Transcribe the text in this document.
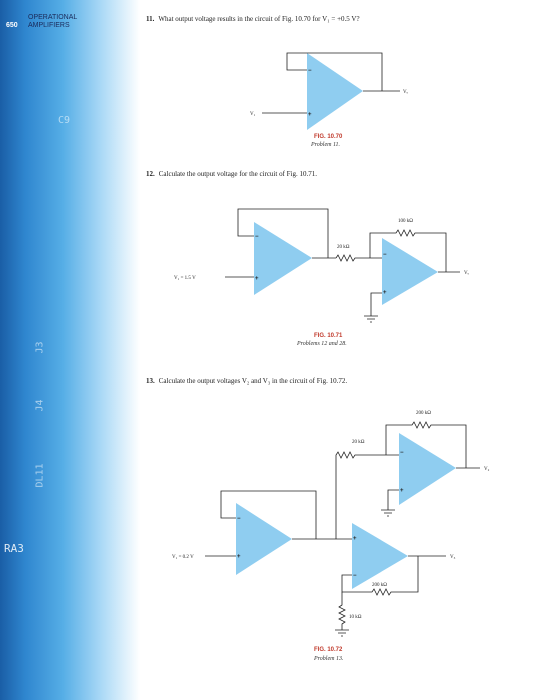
C9
J3
J4
DL11
RA3
650
OPERATIONAL
AMPLIFIERS
11. What output voltage results in the circuit of Fig. 10.70 for V₁ = +0.5 V?
12. Calculate the output voltage for the circuit of Fig. 10.71.
13. Calculate the output voltages V₂ and V₃ in the circuit of Fig. 10.72.
FIG. 10.70
Problem 11.
FIG. 10.71
Problems 12 and 28.
FIG. 10.72
Problem 13.
−
+
V₁
Vₒ
−
+
V₁ = 1.5 V
20 kΩ
−
+
100 kΩ
Vₒ
−
+
V₁ = 0.2 V
20 kΩ
−
+
200 kΩ
V₂
+
−
V₃
200 kΩ
10 kΩ
